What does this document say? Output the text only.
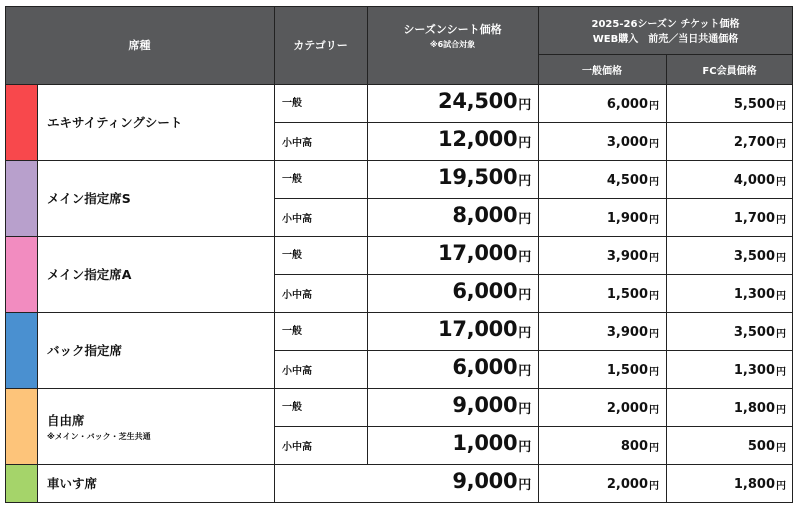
席種	カテゴリー
シーズンシート価格
※6試合対象
2025-26シーズン チケット価格
WEB購入　前売／当日共通価格
一般価格	FC会員価格
エキサイティングシート
一般	24,500 円	6,000 円	5,500 円
小中高	12,000 円	3,000 円	2,700 円
メイン指定席S
一般	19,500 円	4,500 円	4,000 円
小中高	8,000 円	1,900 円	1,700 円
メイン指定席A
一般	17,000 円	3,900 円	3,500 円
小中高	6,000 円	1,500 円	1,300 円
バック指定席
一般	17,000 円	3,900 円	3,500 円
小中高	6,000 円	1,500 円	1,300 円
自由席
※メイン・バック・芝生共通
一般	9,000 円	2,000 円	1,800 円
小中高	1,000 円	800 円	500 円
車いす席	9,000 円	2,000 円	1,800 円
